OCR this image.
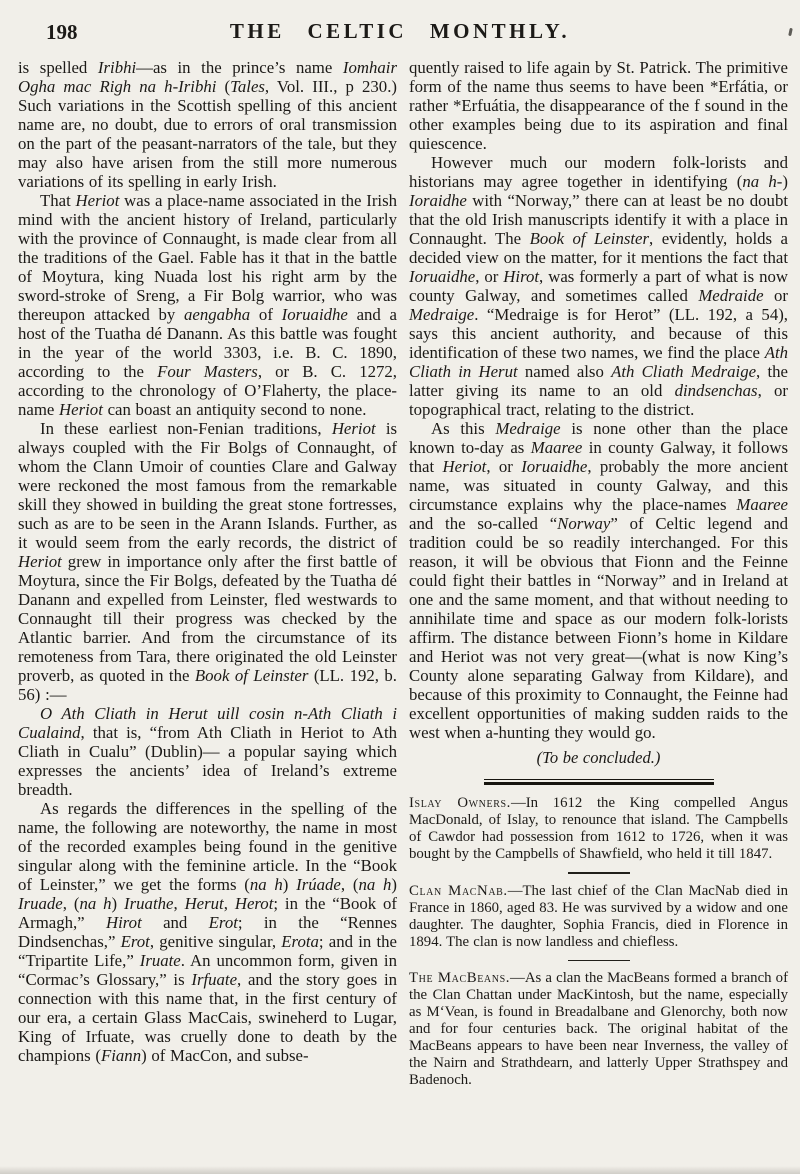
198	THE CELTIC MONTHLY.

is spelled Iribhi—as in the prince’s name Iomhair Ogha mac Righ na h-Iribhi (Tales, Vol. III., p 230.) Such variations in the Scottish spelling of this ancient name are, no doubt, due to errors of oral transmission on the part of the peasant-narrators of the tale, but they may also have arisen from the still more numerous variations of its spelling in early Irish.

That Heriot was a place-name associated in the Irish mind with the ancient history of Ireland, particularly with the province of Connaught, is made clear from all the traditions of the Gael. Fable has it that in the battle of Moytura, king Nuada lost his right arm by the sword-stroke of Sreng, a Fir Bolg warrior, who was thereupon attacked by aengabha of Ioruaidhe and a host of the Tuatha dé Danann. As this battle was fought in the year of the world 3303, i.e. B. C. 1890, according to the Four Masters, or B. C. 1272, according to the chronology of O’Flaherty, the place-name Heriot can boast an antiquity second to none.

In these earliest non-Fenian traditions, Heriot is always coupled with the Fir Bolgs of Connaught, of whom the Clann Umoir of counties Clare and Galway were reckoned the most famous from the remarkable skill they showed in building the great stone fortresses, such as are to be seen in the Arann Islands. Further, as it would seem from the early records, the district of Heriot grew in importance only after the first battle of Moytura, since the Fir Bolgs, defeated by the Tuatha dé Danann and expelled from Leinster, fled westwards to Connaught till their progress was checked by the Atlantic barrier. And from the circumstance of its remoteness from Tara, there originated the old Leinster proverb, as quoted in the Book of Leinster (LL. 192, b. 56) :—

O Ath Cliath in Herut uill cosin n-Ath Cliath i Cualaind, that is, “from Ath Cliath in Heriot to Ath Cliath in Cualu” (Dublin)— a popular saying which expresses the ancients’ idea of Ireland’s extreme breadth.

As regards the differences in the spelling of the name, the following are noteworthy, the name in most of the recorded examples being found in the genitive singular along with the feminine article. In the “Book of Leinster,” we get the forms (na h) Irúade, (na h) Iruade, (na h) Iruathe, Herut, Herot; in the “Book of Armagh,” Hirot and Erot; in the “Rennes Dindsenchas,” Erot, genitive singular, Erota; and in the “Tripartite Life,” Iruate. An uncommon form, given in “Cormac’s Glossary,” is Irfuate, and the story goes in connection with this name that, in the first century of our era, a certain Glass MacCais, swineherd to Lugar, King of Irfuate, was cruelly done to death by the champions (Fiann) of MacCon, and subse-

quently raised to life again by St. Patrick. The primitive form of the name thus seems to have been *Erfátia, or rather *Erfuátia, the disappearance of the f sound in the other examples being due to its aspiration and final quiescence.

However much our modern folk-lorists and historians may agree together in identifying (na h-) Ioraidhe with “Norway,” there can at least be no doubt that the old Irish manuscripts identify it with a place in Connaught. The Book of Leinster, evidently, holds a decided view on the matter, for it mentions the fact that Ioruaidhe, or Hirot, was formerly a part of what is now county Galway, and sometimes called Medraide or Medraige. “Medraige is for Herot” (LL. 192, a 54), says this ancient authority, and because of this identification of these two names, we find the place Ath Cliath in Herut named also Ath Cliath Medraige, the latter giving its name to an old dindsenchas, or topographical tract, relating to the district.

As this Medraige is none other than the place known to-day as Maaree in county Galway, it follows that Heriot, or Ioruaidhe, probably the more ancient name, was situated in county Galway, and this circumstance explains why the place-names Maaree and the so-called “Norway” of Celtic legend and tradition could be so readily interchanged. For this reason, it will be obvious that Fionn and the Feinne could fight their battles in “Norway” and in Ireland at one and the same moment, and that without needing to annihilate time and space as our modern folk-lorists affirm. The distance between Fionn’s home in Kildare and Heriot was not very great—(what is now King’s County alone separating Galway from Kildare), and because of this proximity to Connaught, the Feinne had excellent opportunities of making sudden raids to the west when a-hunting they would go.

(To be concluded.)

Islay Owners.—In 1612 the King compelled Angus MacDonald, of Islay, to renounce that island. The Campbells of Cawdor had possession from 1612 to 1726, when it was bought by the Campbells of Shawfield, who held it till 1847.

Clan MacNab.—The last chief of the Clan MacNab died in France in 1860, aged 83. He was survived by a widow and one daughter. The daughter, Sophia Francis, died in Florence in 1894. The clan is now landless and chiefless.

The MacBeans.—As a clan the MacBeans formed a branch of the Clan Chattan under MacKintosh, but the name, especially as M‘Vean, is found in Breadalbane and Glenorchy, both now and for four centuries back. The original habitat of the MacBeans appears to have been near Inverness, the valley of the Nairn and Strathdearn, and latterly Upper Strathspey and Badenoch.
